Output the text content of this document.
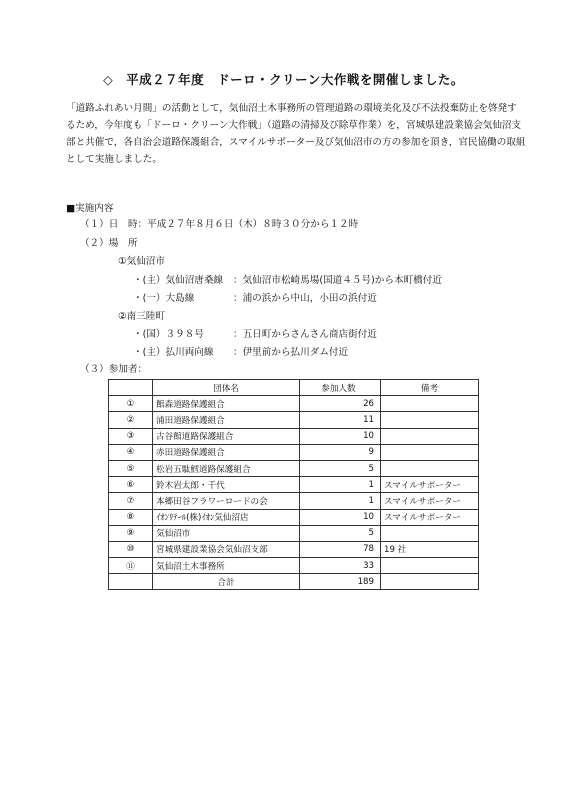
◇　平成２７年度　ドーロ・クリーン大作戦を開催しました。

「道路ふれあい月間」の活動として，気仙沼土木事務所の管理道路の環境美化及び不法投棄防止を啓発するため，今年度も「ドーロ・クリーン大作戦」（道路の清掃及び除草作業）を，宮城県建設業協会気仙沼支部と共催で，各自治会道路保護組合，スマイルサポーター及び気仙沼市の方の参加を頂き，官民協働の取組として実施しました。

■実施内容
（１）日　時：平成２７年８月６日（木）８時３０分から１２時
（２）場　所
①気仙沼市
・(主）気仙沼唐桑線 ：気仙沼市松崎馬場(国道４５号)から本町橋付近
・(一）大島線	：浦の浜から中山，小田の浜付近
②南三陸町
・(国）３９８号	：五日町からさんさん商店街付近
・(主）払川両向線 ：伊里前から払川ダム付近
（３）参加者：
	団体名	参加人数	備考
①	館森道路保護組合	26	
②	浦田道路保護組合	11	
③	古谷館道路保護組合	10	
④	赤田道路保護組合	9	
⑤	松岩五駄鱈道路保護組合	5	
⑥	鈴木岩太郎・千代	1	スマイルサポーター
⑦	本郷田谷フラワーロードの会	1	スマイルサポーター
⑧	ｲｵﾝﾘﾃｰﾙ(株)ｲｵﾝ気仙沼店	10	スマイルサポーター
⑨	気仙沼市	5	
⑩	宮城県建設業協会気仙沼支部	78	19 社
⑪	気仙沼土木事務所	33	
	合計	189	
